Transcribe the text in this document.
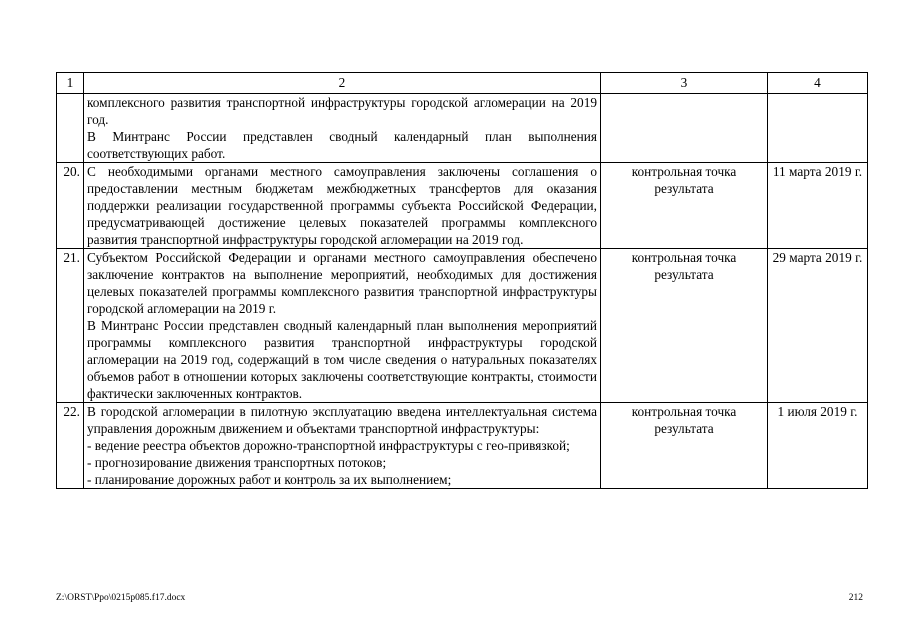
1	2	3	4

	комплексного развития транспортной инфраструктуры городской агломерации на 2019 год.

В Минтранс России представлен сводный календарный план выполнения соответствующих работ.		

20.	С необходимыми органами местного самоуправления заключены соглашения о предоставлении местным бюджетам межбюджетных трансфертов для оказания поддержки реализации государственной программы субъекта Российской Федерации, предусматривающей достижение целевых показателей программы комплексного развития транспортной инфраструктуры городской агломерации на 2019 год.	контрольная точка результата	11 марта 2019 г.
21.	Субъектом Российской Федерации и органами местного самоуправления обеспечено заключение контрактов на выполнение мероприятий, необходимых для достижения целевых показателей программы комплексного развития транспортной инфраструктуры городской агломерации на 2019 г.

В Минтранс России представлен сводный календарный план выполнения мероприятий программы комплексного развития транспортной инфраструктуры городской агломерации на 2019 год, содержащий в том числе сведения о натуральных показателях объемов работ в отношении которых заключены соответствующие контракты, стоимости фактически заключенных контрактов.	контрольная точка результата	29 марта 2019 г.
22.	В городской агломерации в пилотную эксплуатацию введена интеллектуальная система управления дорожным движением и объектами транспортной инфраструктуры:

- ведение реестра объектов дорожно-транспортной инфраструктуры с гео-привязкой;

- прогнозирование движения транспортных потоков;

- планирование дорожных работ и контроль за их выполнением;	контрольная точка результата	1 июля 2019 г.
Z:\ORST\Ppo\0215p085.f17.docx	212
